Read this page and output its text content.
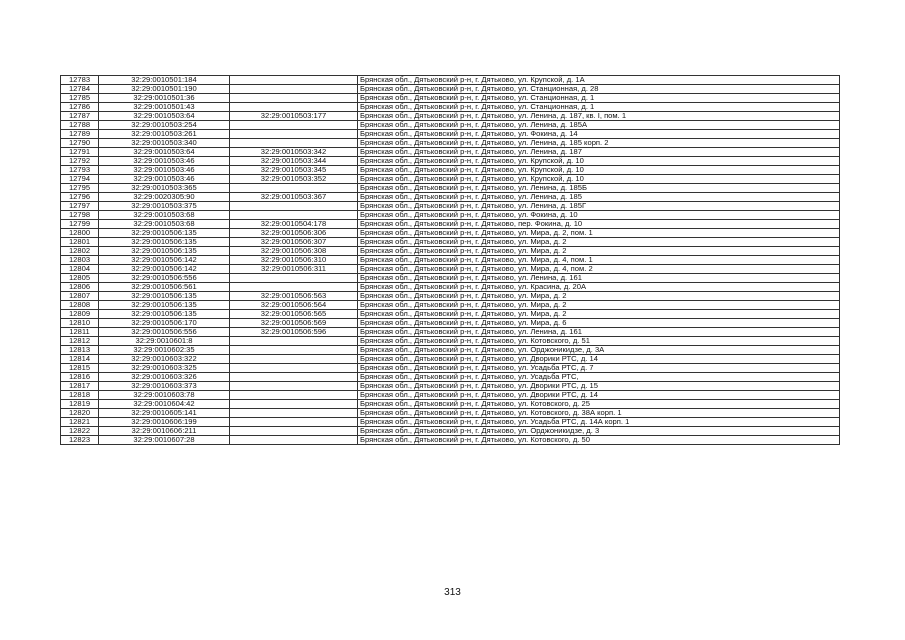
12783	32:29:0010501:184		Брянская обл., Дятьковский р-н, г. Дятьково, ул. Крупской, д. 1А
12784	32:29:0010501:190		Брянская обл., Дятьковский р-н, г. Дятьково, ул. Станционная, д. 28
12785	32:29:0010501:36		Брянская обл., Дятьковский р-н, г. Дятьково, ул. Станционная, д. 1
12786	32:29:0010501:43		Брянская обл., Дятьковский р-н, г. Дятьково, ул. Станционная, д. 1
12787	32:29:0010503:64	32:29:0010503:177	Брянская обл., Дятьковский р-н, г. Дятьково, ул. Ленина, д. 187, кв. I, пом. 1
12788	32:29:0010503:254		Брянская обл., Дятьковский р-н, г. Дятьково, ул. Ленина, д. 185А
12789	32:29:0010503:261		Брянская обл., Дятьковский р-н, г. Дятьково, ул. Фокина, д. 14
12790	32:29:0010503:340		Брянская обл., Дятьковский р-н, г. Дятьково, ул. Ленина, д. 185 корп. 2
12791	32:29:0010503:64	32:29:0010503:342	Брянская обл., Дятьковский р-н, г. Дятьково, ул. Ленина, д. 187
12792	32:29:0010503:46	32:29:0010503:344	Брянская обл., Дятьковский р-н, г. Дятьково, ул. Крупской, д. 10
12793	32:29:0010503:46	32:29:0010503:345	Брянская обл., Дятьковский р-н, г. Дятьково, ул. Крупской, д. 10
12794	32:29:0010503:46	32:29:0010503:352	Брянская обл., Дятьковский р-н, г. Дятьково, ул. Крупской, д. 10
12795	32:29:0010503:365		Брянская обл., Дятьковский р-н, г. Дятьково, ул. Ленина, д. 185Б
12796	32:29:0020305:90	32:29:0010503:367	Брянская обл., Дятьковский р-н, г. Дятьково, ул. Ленина, д. 185
12797	32:29:0010503:375		Брянская обл., Дятьковский р-н, г. Дятьково, ул. Ленина, д. 185Г
12798	32:29:0010503:68		Брянская обл., Дятьковский р-н, г. Дятьково, ул. Фокина, д. 10
12799	32:29:0010503:68	32:29:0010504:178	Брянская обл., Дятьковский р-н, г. Дятьково, пер. Фокина, д. 10
12800	32:29:0010506:135	32:29:0010506:306	Брянская обл., Дятьковский р-н, г. Дятьково, ул. Мира, д. 2, пом. 1
12801	32:29:0010506:135	32:29:0010506:307	Брянская обл., Дятьковский р-н, г. Дятьково, ул. Мира, д. 2
12802	32:29:0010506:135	32:29:0010506:308	Брянская обл., Дятьковский р-н, г. Дятьково, ул. Мира, д. 2
12803	32:29:0010506:142	32:29:0010506:310	Брянская обл., Дятьковский р-н, г. Дятьково, ул. Мира, д. 4, пом. 1
12804	32:29:0010506:142	32:29:0010506:311	Брянская обл., Дятьковский р-н, г. Дятьково, ул. Мира, д. 4, пом. 2
12805	32:29:0010506:556		Брянская обл., Дятьковский р-н, г. Дятьково, ул. Ленина, д. 161
12806	32:29:0010506:561		Брянская обл., Дятьковский р-н, г. Дятьково, ул. Красина, д. 20А
12807	32:29:0010506:135	32:29:0010506:563	Брянская обл., Дятьковский р-н, г. Дятьково, ул. Мира, д. 2
12808	32:29:0010506:135	32:29:0010506:564	Брянская обл., Дятьковский р-н, г. Дятьково, ул. Мира, д. 2
12809	32:29:0010506:135	32:29:0010506:565	Брянская обл., Дятьковский р-н, г. Дятьково, ул. Мира, д. 2
12810	32:29:0010506:170	32:29:0010506:569	Брянская обл., Дятьковский р-н, г. Дятьково, ул. Мира, д. 6
12811	32:29:0010506:556	32:29:0010506:596	Брянская обл., Дятьковский р-н, г. Дятьково, ул. Ленина, д. 161
12812	32:29:0010601:8		Брянская обл., Дятьковский р-н, г. Дятьково, ул. Котовского, д. 51
12813	32:29:0010602:35		Брянская обл., Дятьковский р-н, г. Дятьково, ул. Орджоникидзе, д. 3А
12814	32:29:0010603:322		Брянская обл., Дятьковский р-н, г. Дятьково, ул. Дворики РТС, д. 14
12815	32:29:0010603:325		Брянская обл., Дятьковский р-н, г. Дятьково, ул. Усадьба РТС, д. 7
12816	32:29:0010603:326		Брянская обл., Дятьковский р-н, г. Дятьково, ул. Усадьба РТС,
12817	32:29:0010603:373		Брянская обл., Дятьковский р-н, г. Дятьково, ул. Дворики РТС, д. 15
12818	32:29:0010603:78		Брянская обл., Дятьковский р-н, г. Дятьково, ул. Дворики РТС, д. 14
12819	32:29:0010604:42		Брянская обл., Дятьковский р-н, г. Дятьково, ул. Котовского, д. 25
12820	32:29:0010605:141		Брянская обл., Дятьковский р-н, г. Дятьково, ул. Котовского, д. 38А корп. 1
12821	32:29:0010606:199		Брянская обл., Дятьковский р-н, г. Дятьково, ул. Усадьба РТС, д. 14А корп. 1
12822	32:29:0010606:211		Брянская обл., Дятьковский р-н, г. Дятьково, ул. Орджоникидзе, д. 3
12823	32:29:0010607:28		Брянская обл., Дятьковский р-н, г. Дятьково, ул. Котовского, д. 50
313
